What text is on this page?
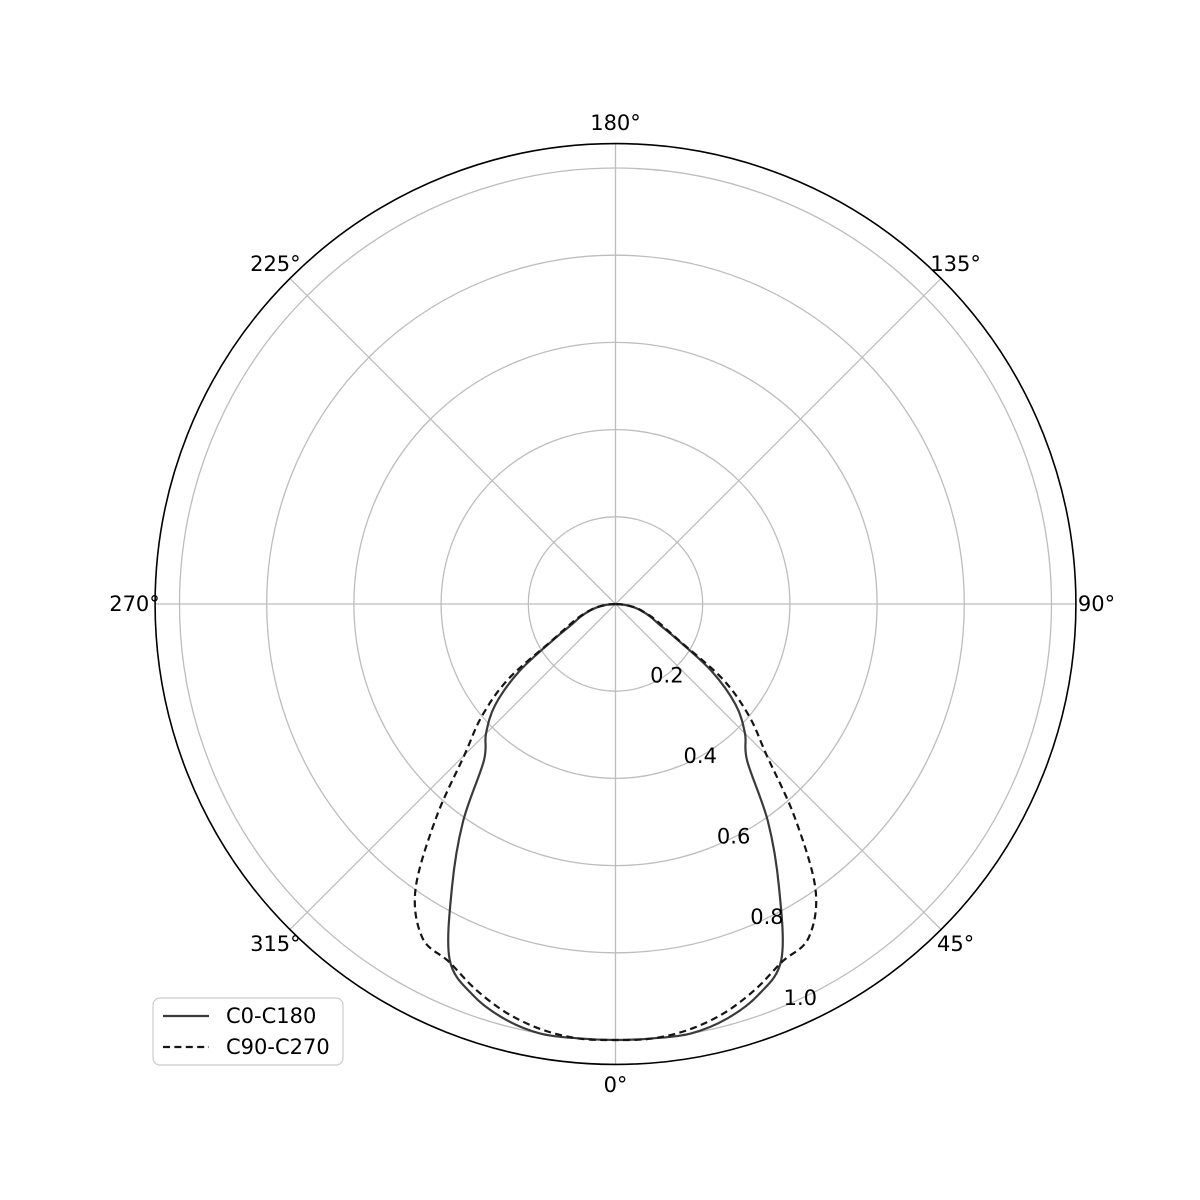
0°
45°
90°
135°
180°
225°
270°
315°
0.2
0.4
0.6
0.8
1.0
C0-C180
C90-C270
